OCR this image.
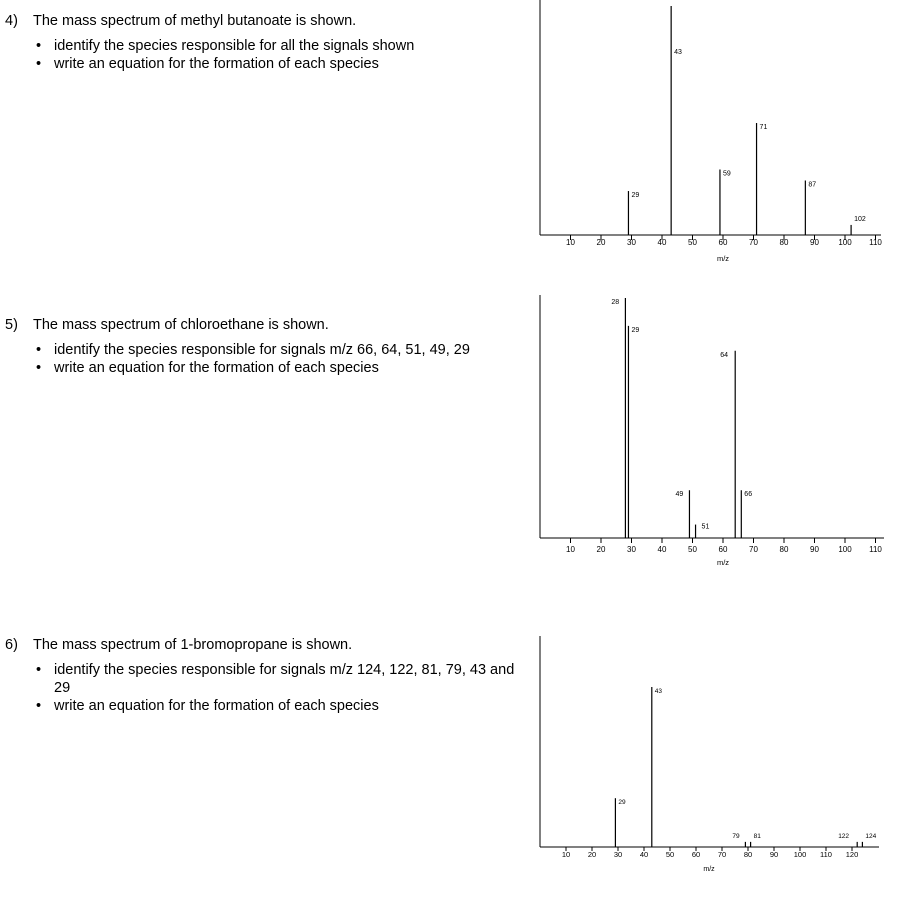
4)	The mass spectrum of methyl butanoate is shown.
• identify the species responsible for all the signals shown
• write an equation for the formation of each species
5)	The mass spectrum of chloroethane is shown.
• identify the species responsible for signals m/z 66, 64, 51, 49, 29
• write an equation for the formation of each species
6)	The mass spectrum of 1-bromopropane is shown.
• identify the species responsible for signals m/z 124, 122, 81, 79, 43 and 29
• write an equation for the formation of each species
10	20	30	40	50	60	70	80	90 100 110
m/z
29
43
59
71
87
102
10	20	30	40	50	60	70	80	90 100 110
m/z
28
29
49
51
64
66
10 20 30 40 50 60 70 80 90 100 110 120
m/z
29
43
79 81	122	124
